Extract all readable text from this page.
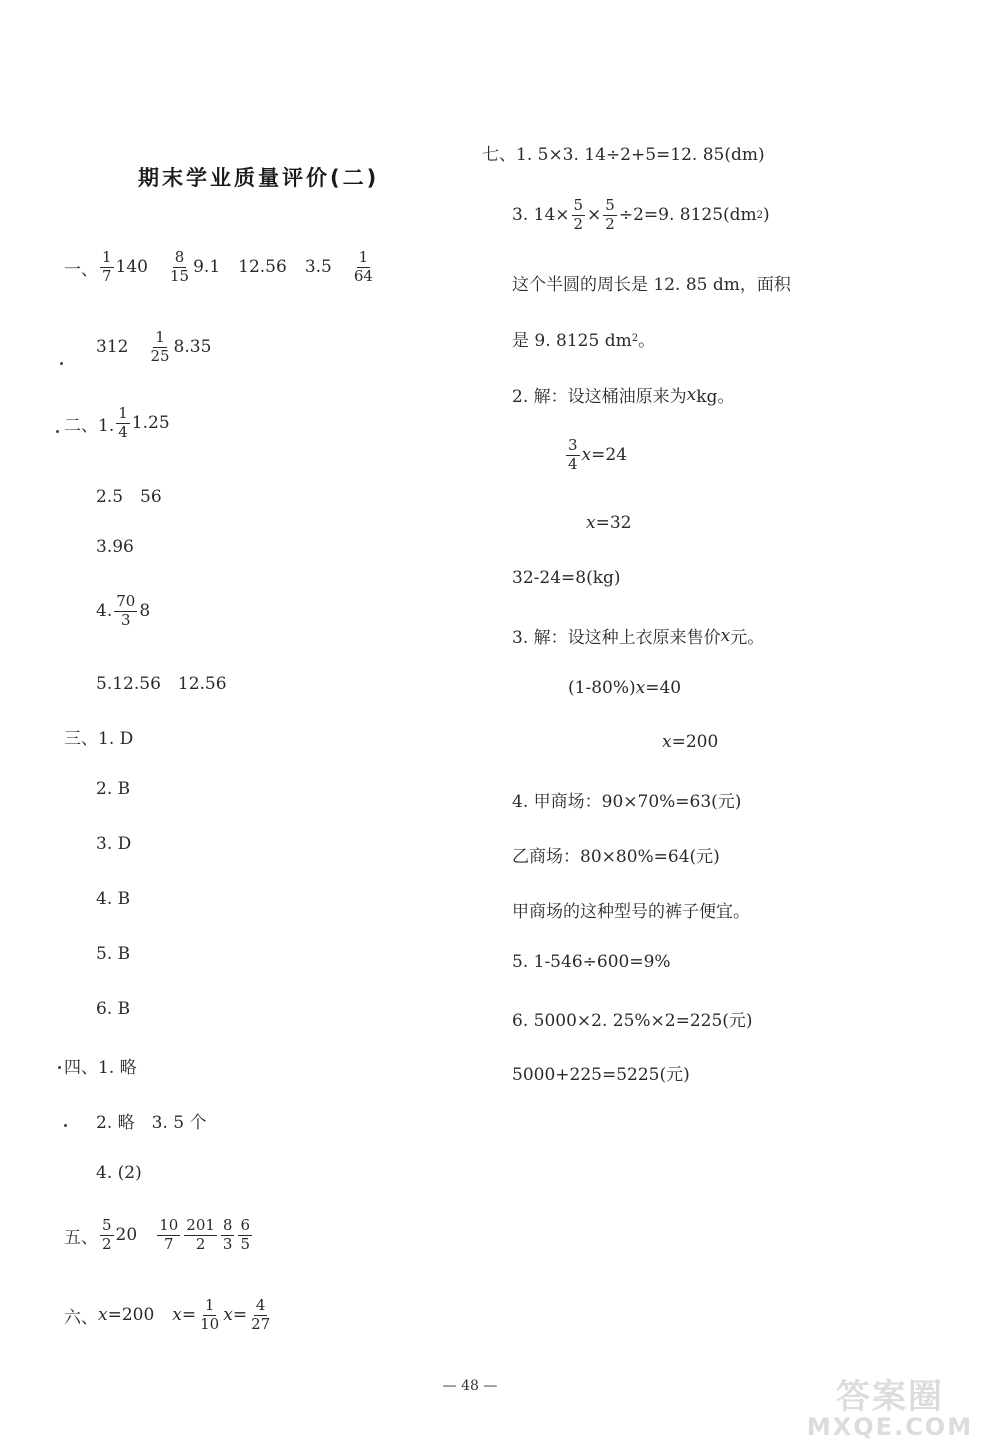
期末学业质量评价(二)
一、 $\frac{1}{7} 140 \frac{8}{15} 9.1$ 12.56 $3.5 \frac{1}{64}$
$312 \frac{1}{25} 8.35$
二、1. $\frac{1}{4} 1.25$
2.5　56
3.96
4. $\frac{70}{3} 8$
5.12.56　12.56
三、1. D
2. B
3. D
4. B
5. B
6. B
四、1. 略
2. 略　3. 5 个
4. (2)
五、 $\frac{5}{2} 20 \frac{10}{7} \frac{201}{2} \frac{8}{3} \frac{6}{5}$
六、 x =200 $x = \frac{1}{10}$ $x = \frac{4}{27}$
七、1. 5×3. 14÷2+5=12. 85(dm)
3. $14\times \frac{5}{2} \times \frac{5}{2} \div 2=9$. 8125(dm 2 )
这个半圆的周长是 12. 85 dm，面积
是 9. 8125 dm 2 。
2. 解：设这桶油原来为 x kg。
$\frac{3}{4}$ x =24
x =32
32-24=8(kg)
3. 解：设这种上衣原来售价 x 元。
(1-80%) x =40
x =200
4. 甲商场：90×70%=63(元)
乙商场：80×80%=64(元)
甲商场的这种型号的裤子便宜。
5. 1-546÷600=9%
6. 5000×2. 25%×2=225(元)
5000+225=5225(元)
— 48 —	答案圈
MXQE.COM
